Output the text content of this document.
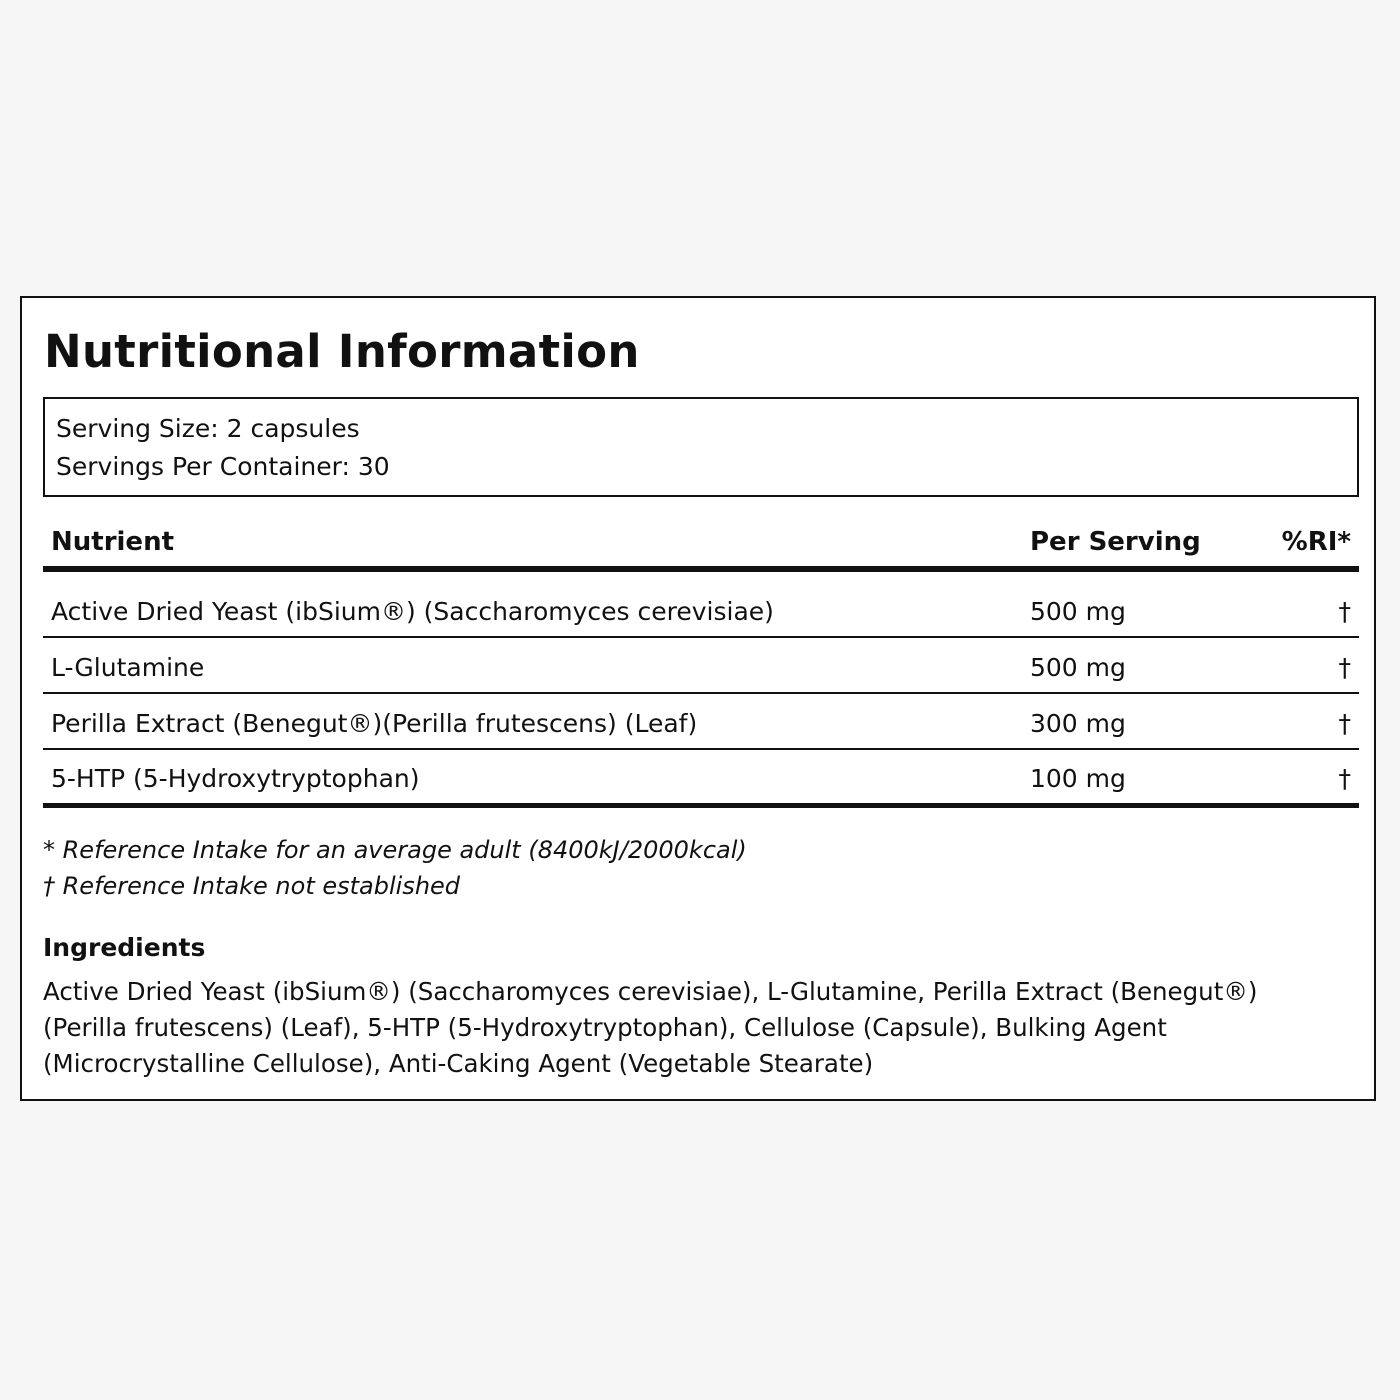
Nutritional Information
Serving Size: 2 capsules
Servings Per Container: 30
Nutrient	Per Serving	%RI*
Active Dried Yeast (ibSium®) (Saccharomyces cerevisiae)	500 mg	†
L-Glutamine	500 mg	†
Perilla Extract (Benegut®)(Perilla frutescens) (Leaf)	300 mg	†
5-HTP (5-Hydroxytryptophan)	100 mg	†
* Reference Intake for an average adult (8400kJ/2000kcal)
† Reference Intake not established
Ingredients

Active Dried Yeast (ibSium®) (Saccharomyces cerevisiae), L-Glutamine, Perilla Extract (Benegut®)(Perilla frutescens) (Leaf), 5-HTP (5-Hydroxytryptophan), Cellulose (Capsule), Bulking Agent (Microcrystalline Cellulose), Anti-Caking Agent (Vegetable Stearate)
